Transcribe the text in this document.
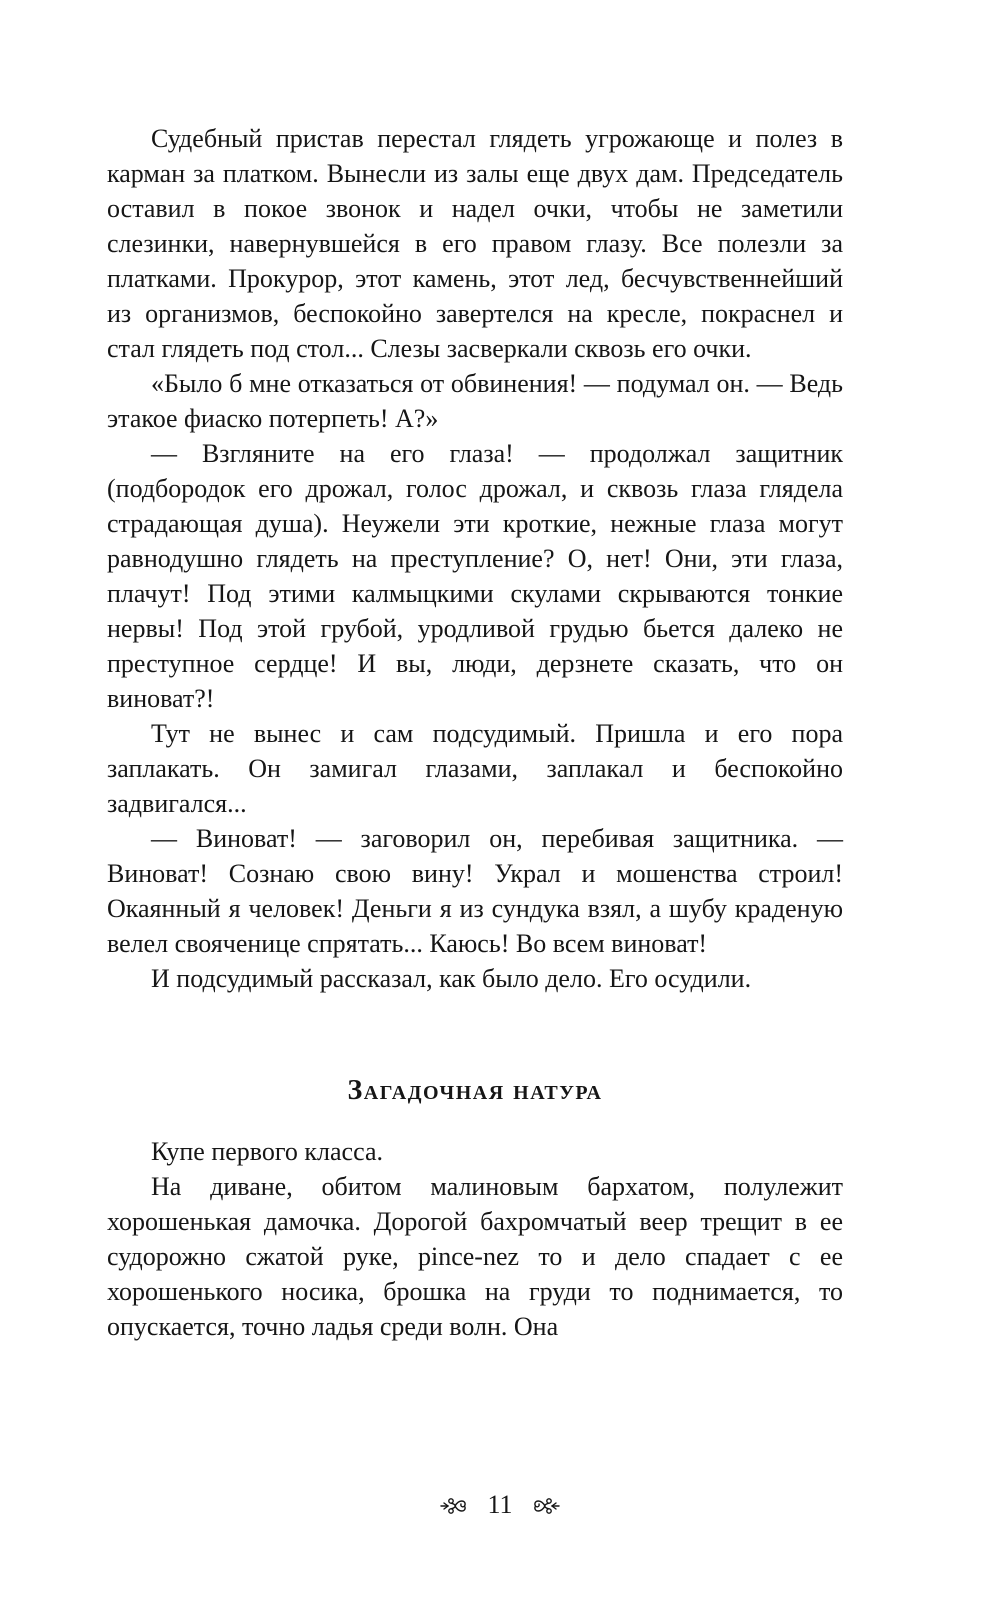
Судебный пристав перестал глядеть угрожающе и полез в карман за платком. Вынесли из залы еще двух дам. Председатель оставил в покое звонок и надел очки, чтобы не заметили слезинки, навернувшейся в его правом глазу. Все полезли за платками. Прокурор, этот камень, этот лед, бесчувственнейший из организмов, беспокойно завертелся на кресле, покраснел и стал глядеть под стол... Слезы засверкали сквозь его очки.

«Было б мне отказаться от обвинения! — подумал он. — Ведь этакое фиаско потерпеть! А?»

— Взгляните на его глаза! — продолжал защитник (подбородок его дрожал, голос дрожал, и сквозь глаза глядела страдающая душа). Неужели эти кроткие, нежные глаза могут равнодушно глядеть на преступление? О, нет! Они, эти глаза, плачут! Под этими калмыцкими скулами скрываются тонкие нервы! Под этой грубой, уродливой грудью бьется далеко не преступное сердце! И вы, люди, дерзнете сказать, что он виноват?!

Тут не вынес и сам подсудимый. Пришла и его пора заплакать. Он замигал глазами, заплакал и беспокойно задвигался...

— Виноват! — заговорил он, перебивая защитника. — Виноват! Сознаю свою вину! Украл и мошенства строил! Окаянный я человек! Деньги я из сундука взял, а шубу краденую велел свояченице спрятать... Каюсь! Во всем виноват!

И подсудимый рассказал, как было дело. Его осудили.

Загадочная натура

Купе первого класса.

На диване, обитом малиновым бархатом, полулежит хорошенькая дамочка. Дорогой бахромчатый веер трещит в ее судорожно сжатой руке, pince-nez то и дело спадает с ее хорошенького носика, брошка на груди то поднимается, то опускается, точно ладья среди волн. Она

11
